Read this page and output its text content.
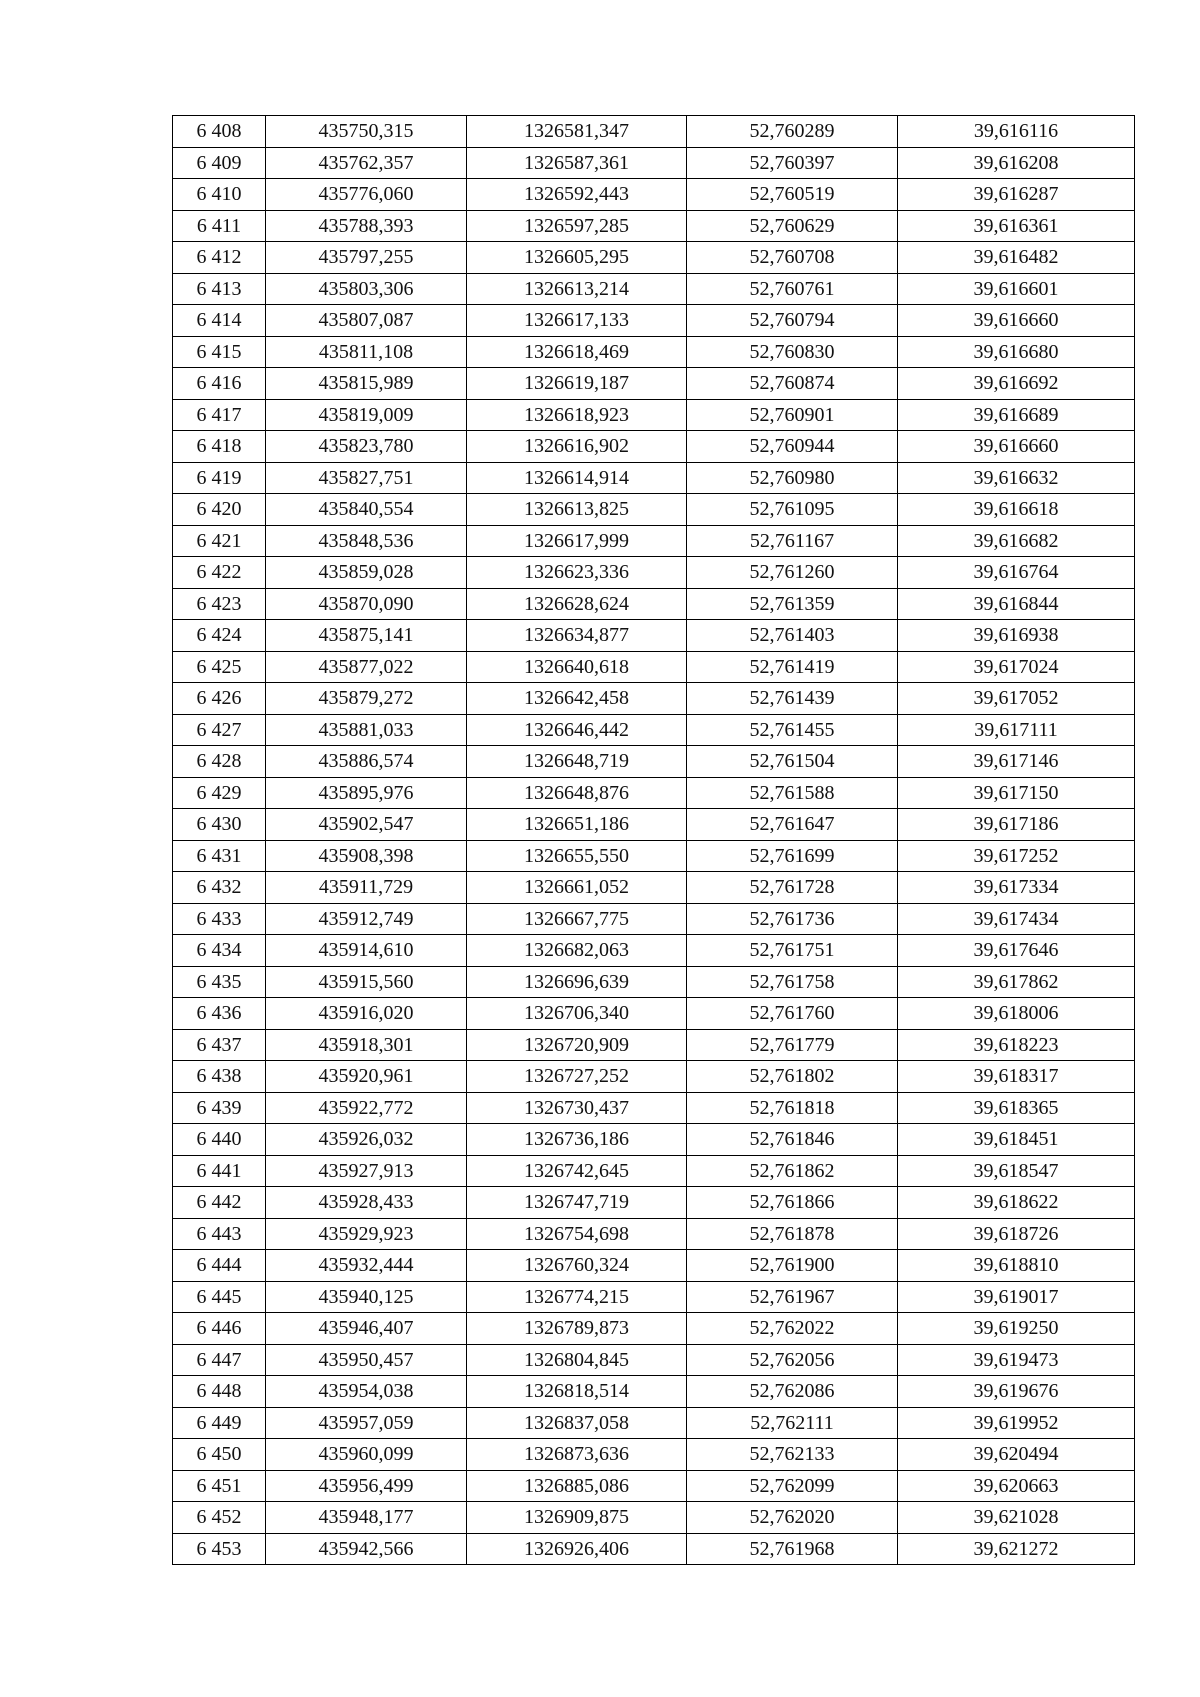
6 408	435750,315	1326581,347	52,760289	39,616116
6 409	435762,357	1326587,361	52,760397	39,616208
6 410	435776,060	1326592,443	52,760519	39,616287
6 411	435788,393	1326597,285	52,760629	39,616361
6 412	435797,255	1326605,295	52,760708	39,616482
6 413	435803,306	1326613,214	52,760761	39,616601
6 414	435807,087	1326617,133	52,760794	39,616660
6 415	435811,108	1326618,469	52,760830	39,616680
6 416	435815,989	1326619,187	52,760874	39,616692
6 417	435819,009	1326618,923	52,760901	39,616689
6 418	435823,780	1326616,902	52,760944	39,616660
6 419	435827,751	1326614,914	52,760980	39,616632
6 420	435840,554	1326613,825	52,761095	39,616618
6 421	435848,536	1326617,999	52,761167	39,616682
6 422	435859,028	1326623,336	52,761260	39,616764
6 423	435870,090	1326628,624	52,761359	39,616844
6 424	435875,141	1326634,877	52,761403	39,616938
6 425	435877,022	1326640,618	52,761419	39,617024
6 426	435879,272	1326642,458	52,761439	39,617052
6 427	435881,033	1326646,442	52,761455	39,617111
6 428	435886,574	1326648,719	52,761504	39,617146
6 429	435895,976	1326648,876	52,761588	39,617150
6 430	435902,547	1326651,186	52,761647	39,617186
6 431	435908,398	1326655,550	52,761699	39,617252
6 432	435911,729	1326661,052	52,761728	39,617334
6 433	435912,749	1326667,775	52,761736	39,617434
6 434	435914,610	1326682,063	52,761751	39,617646
6 435	435915,560	1326696,639	52,761758	39,617862
6 436	435916,020	1326706,340	52,761760	39,618006
6 437	435918,301	1326720,909	52,761779	39,618223
6 438	435920,961	1326727,252	52,761802	39,618317
6 439	435922,772	1326730,437	52,761818	39,618365
6 440	435926,032	1326736,186	52,761846	39,618451
6 441	435927,913	1326742,645	52,761862	39,618547
6 442	435928,433	1326747,719	52,761866	39,618622
6 443	435929,923	1326754,698	52,761878	39,618726
6 444	435932,444	1326760,324	52,761900	39,618810
6 445	435940,125	1326774,215	52,761967	39,619017
6 446	435946,407	1326789,873	52,762022	39,619250
6 447	435950,457	1326804,845	52,762056	39,619473
6 448	435954,038	1326818,514	52,762086	39,619676
6 449	435957,059	1326837,058	52,762111	39,619952
6 450	435960,099	1326873,636	52,762133	39,620494
6 451	435956,499	1326885,086	52,762099	39,620663
6 452	435948,177	1326909,875	52,762020	39,621028
6 453	435942,566	1326926,406	52,761968	39,621272
